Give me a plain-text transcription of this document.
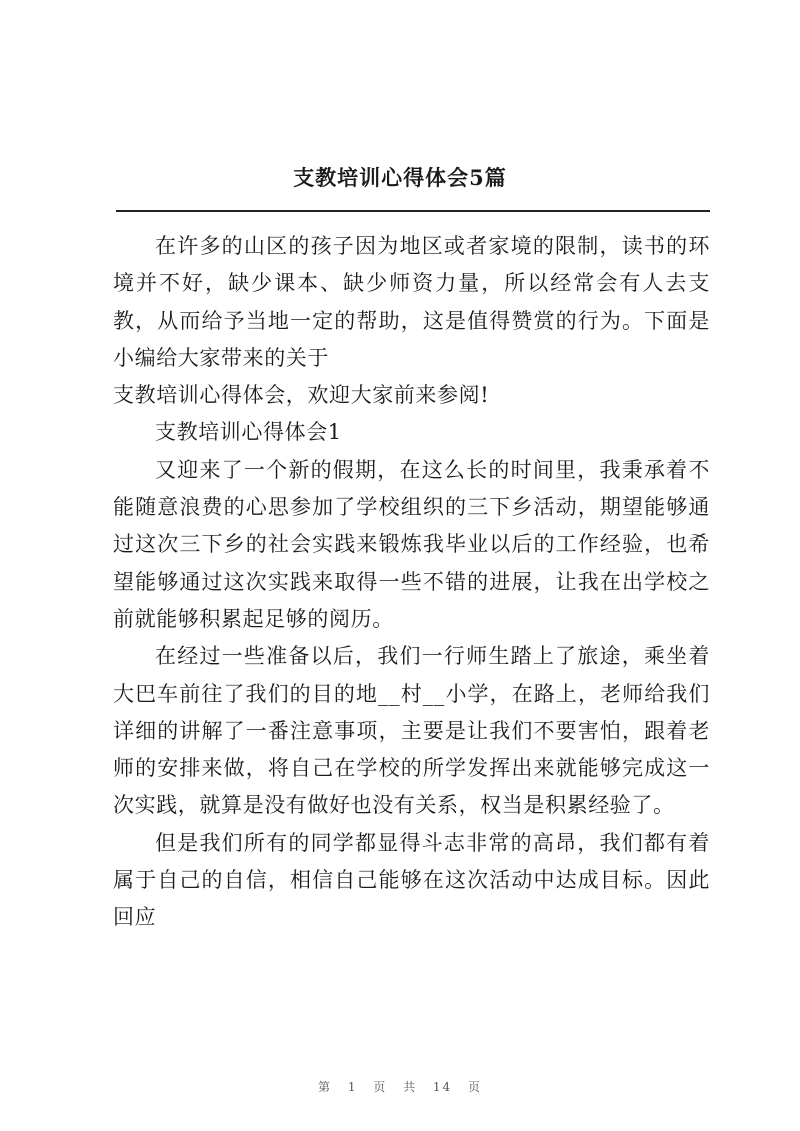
支教培训心得体会5篇

在许多的山区的孩子因为地区或者家境的限制，读书的环境并不好，缺少课本、缺少师资力量，所以经常会有人去支教，从而给予当地一定的帮助，这是值得赞赏的行为。下面是小编给大家带来的关于

支教培训心得体会，欢迎大家前来参阅!

支教培训心得体会1

又迎来了一个新的假期，在这么长的时间里，我秉承着不能随意浪费的心思参加了学校组织的三下乡活动，期望能够通过这次三下乡的社会实践来锻炼我毕业以后的工作经验，也希望能够通过这次实践来取得一些不错的进展，让我在出学校之前就能够积累起足够的阅历。

在经过一些准备以后，我们一行师生踏上了旅途，乘坐着大巴车前往了我们的目的地__村__小学，在路上，老师给我们详细的讲解了一番注意事项，主要是让我们不要害怕，跟着老师的安排来做，将自己在学校的所学发挥出来就能够完成这一次实践，就算是没有做好也没有关系，权当是积累经验了。

但是我们所有的同学都显得斗志非常的高昂，我们都有着属于自己的自信，相信自己能够在这次活动中达成目标。因此回应

第 1 页 共 14 页
